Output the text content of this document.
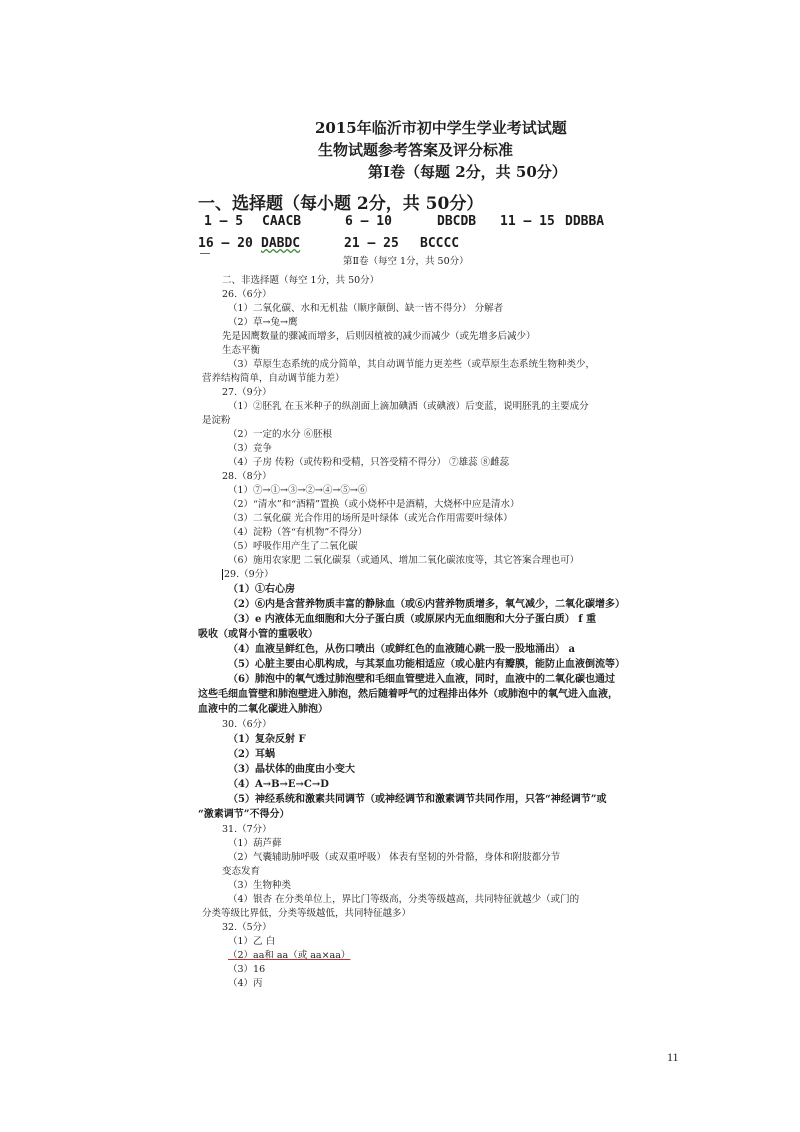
2015年临沂市初中学生学业考试试题
生物试题参考答案及评分标准
第Ⅰ卷（每题 2分，共 50分）
一、选择题（每小题 2分，共 50分）
1 — 5 CAACB	6 — 10	DBCDB 11 — 15 DDBBA
16 — 20 DABDC	21 — 25 BCCCC
第Ⅱ卷（每空 1分，共 50分）
二、非选择题（每空 1分，共 50分）
26.（6分）
（1）二氧化碳、水和无机盐（顺序颠倒、缺一皆不得分） 分解者
（2）草→兔→鹰
先是因鹰数量的骤减而增多，后则因植被的减少而减少（或先增多后减少）
生态平衡
（3）草原生态系统的成分简单，其自动调节能力更差些（或草原生态系统生物种类少，
营养结构简单，自动调节能力差）
27.（9分）
（1）②胚乳 在玉米种子的纵剖面上滴加碘酒（或碘液）后变蓝，说明胚乳的主要成分
是淀粉
（2）一定的水分 ⑥胚根
（3）竞争
（4）子房 传粉（或传粉和受精，只答受精不得分） ⑦雄蕊 ⑧雌蕊
28.（8分）
（1）⑦→①→③→②→④→⑤→⑥
（2）“清水”和“酒精”置换（或小烧杯中是酒精，大烧杯中应是清水）
（3）二氧化碳 光合作用的场所是叶绿体（或光合作用需要叶绿体）
（4）淀粉（答“有机物”不得分）
（5）呼吸作用产生了二氧化碳
（6）施用农家肥 二氧化碳泵（或通风、增加二氧化碳浓度等，其它答案合理也可）
29.（9分）
（1）①右心房
（2）⑥内是含营养物质丰富的静脉血（或⑥内营养物质增多，氧气减少，二氧化碳增多）
（3）e 内液体无血细胞和大分子蛋白质（或原尿内无血细胞和大分子蛋白质） f 重
吸收（或肾小管的重吸收）
（4）血液呈鲜红色，从伤口喷出（或鲜红色的血液随心跳一股一股地涌出） a
（5）心脏主要由心肌构成，与其泵血功能相适应（或心脏内有瓣膜，能防止血液倒流等）
（6）肺泡中的氧气透过肺泡壁和毛细血管壁进入血液，同时，血液中的二氧化碳也通过
这些毛细血管壁和肺泡壁进入肺泡，然后随着呼气的过程排出体外（或肺泡中的氧气进入血液，
血液中的二氧化碳进入肺泡）
30.（6分）
（1）复杂反射 F
（2）耳蜗
（3）晶状体的曲度由小变大
（4）A→B→E→C→D
（5）神经系统和激素共同调节（或神经调节和激素调节共同作用，只答“神经调节”或
“激素调节”不得分）
31.（7分）
（1）葫芦藓
（2）气囊辅助肺呼吸（或双重呼吸） 体表有坚韧的外骨骼，身体和附肢都分节
变态发育
（3）生物种类
（4）银杏 在分类单位上，界比门等级高，分类等级越高，共同特征就越少（或门的
分类等级比界低，分类等级越低，共同特征越多）
32.（5分）
（1）乙 白
（2）aa和 aa（或 aa×aa）
（3）16
（4）丙
11
